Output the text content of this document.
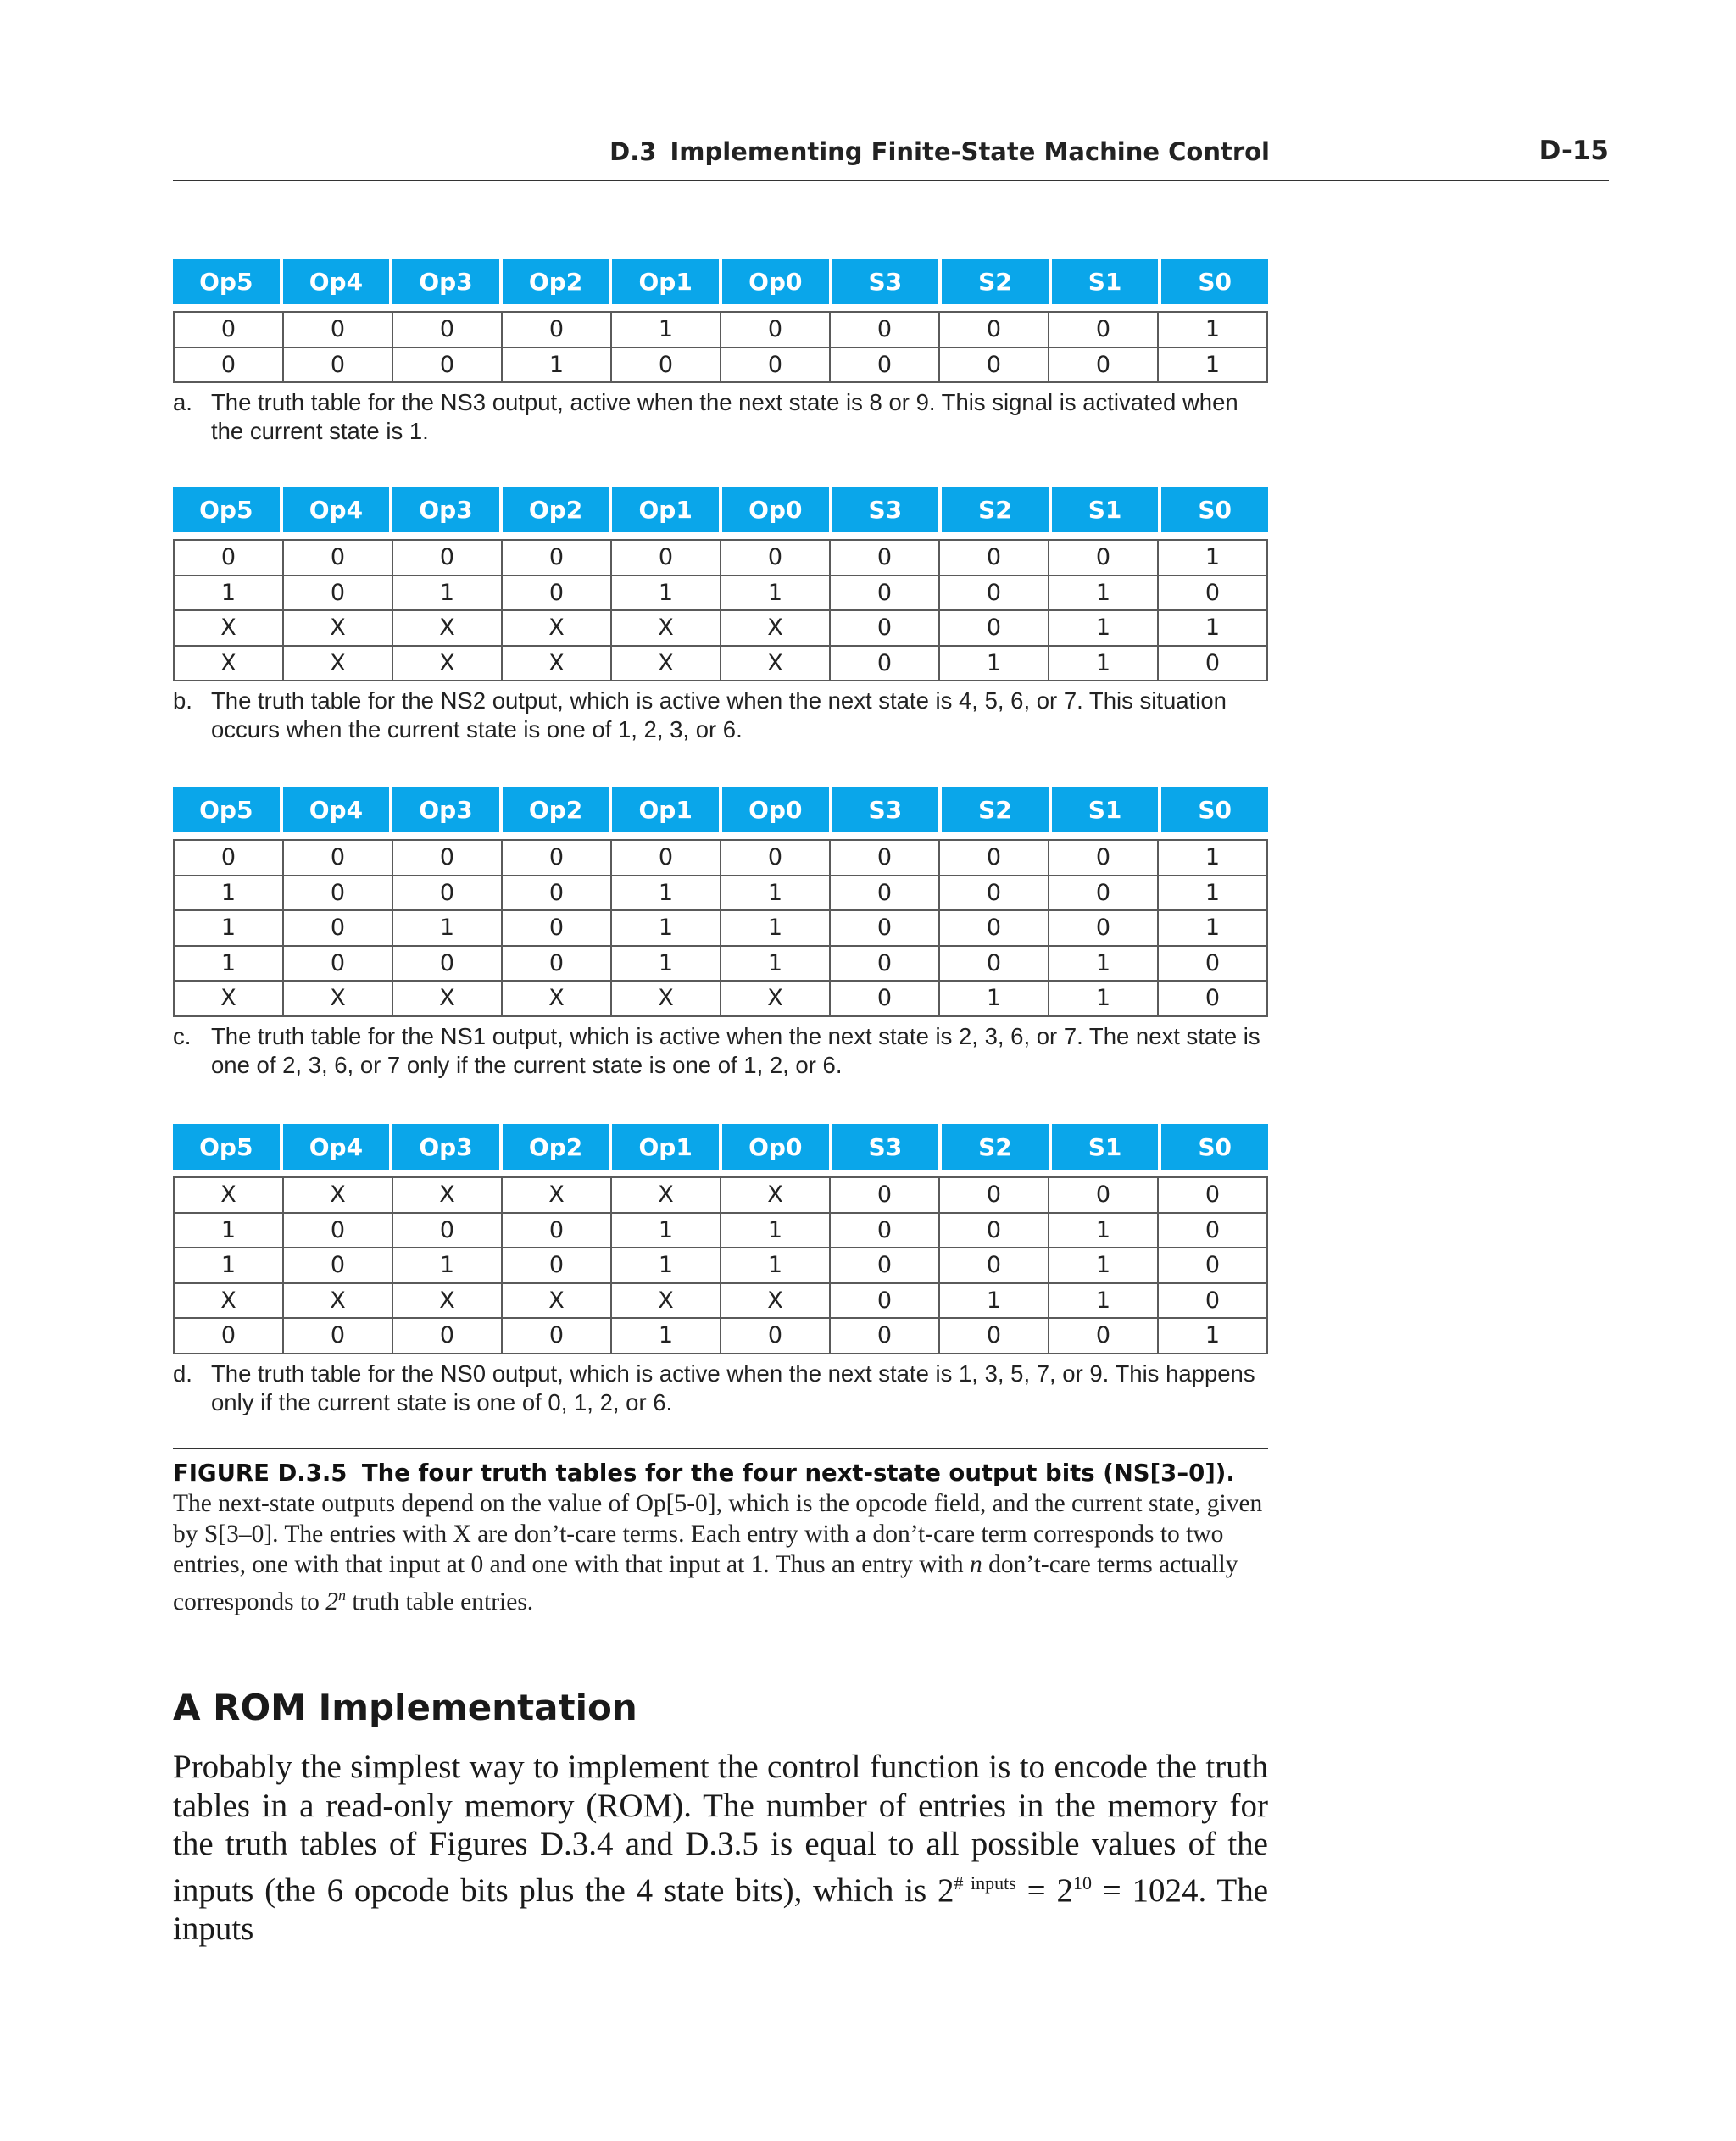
D.3 Implementing Finite-State Machine Control	D-15
Op5	Op4	Op3	Op2	Op1	Op0	S3	S2	S1	S0
0	0	0	0	1	0	0	0	0	1
0	0	0	1	0	0	0	0	0	1
a. The truth table for the NS3 output, active when the next state is 8 or 9. This signal is activated when the current state is 1.
Op5	Op4	Op3	Op2	Op1	Op0	S3	S2	S1	S0
0	0	0	0	0	0	0	0	0	1
1	0	1	0	1	1	0	0	1	0
X	X	X	X	X	X	0	0	1	1
X	X	X	X	X	X	0	1	1	0
b. The truth table for the NS2 output, which is active when the next state is 4, 5, 6, or 7. This situation occurs when the current state is one of 1, 2, 3, or 6.
Op5	Op4	Op3	Op2	Op1	Op0	S3	S2	S1	S0
0	0	0	0	0	0	0	0	0	1
1	0	0	0	1	1	0	0	0	1
1	0	1	0	1	1	0	0	0	1
1	0	0	0	1	1	0	0	1	0
X	X	X	X	X	X	0	1	1	0
c. The truth table for the NS1 output, which is active when the next state is 2, 3, 6, or 7. The next state is one of 2, 3, 6, or 7 only if the current state is one of 1, 2, or 6.
Op5	Op4	Op3	Op2	Op1	Op0	S3	S2	S1	S0
X	X	X	X	X	X	0	0	0	0
1	0	0	0	1	1	0	0	1	0
1	0	1	0	1	1	0	0	1	0
X	X	X	X	X	X	0	1	1	0
0	0	0	0	1	0	0	0	0	1
d. The truth table for the NS0 output, which is active when the next state is 1, 3, 5, 7, or 9. This happens only if the current state is one of 0, 1, 2, or 6.
FIGURE D.3.5 The four truth tables for the four next-state output bits (NS[3–0]). The next-state outputs depend on the value of Op[5-0], which is the opcode field, and the current state, given by S[3–0]. The entries with X are don’t-care terms. Each entry with a don’t-care term corresponds to two entries, one with that input at 0 and one with that input at 1. Thus an entry with n don’t-care terms actually corresponds to 2$^n$ truth table entries.
A ROM Implementation
Probably the simplest way to implement the control function is to encode the truth tables in a read-only memory (ROM). The number of entries in the memory for the truth tables of Figures D.3.4 and D.3.5 is equal to all possible values of the inputs (the 6 opcode bits plus the 4 state bits), which is $2^{\# inputs} = 2^{10} = 1024$. The inputs
